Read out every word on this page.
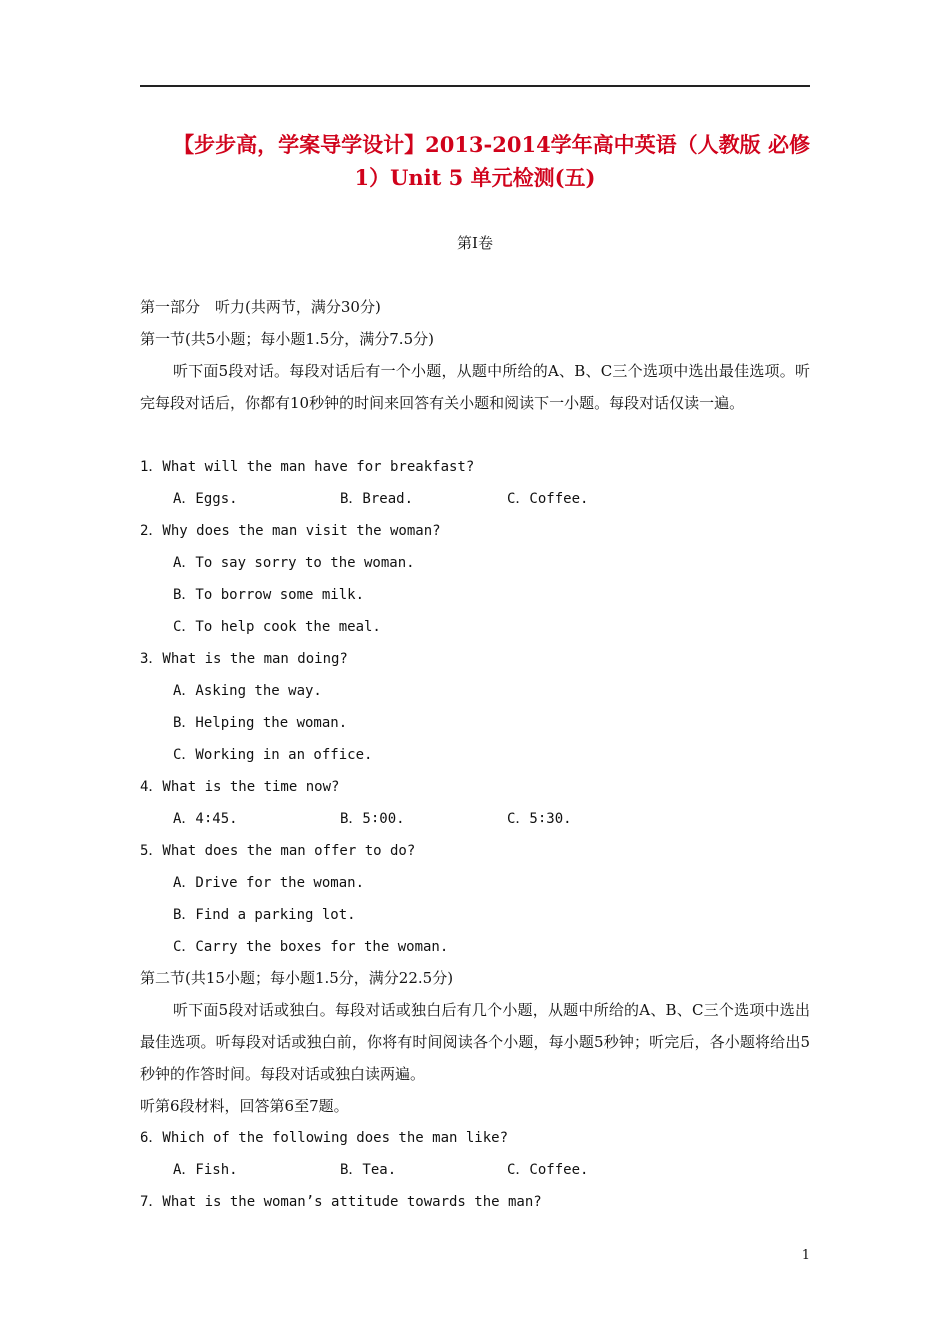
【步步高，学案导学设计】2013-2014学年高中英语（人教版 必修
1）Unit 5 单元检测(五)
第Ⅰ卷
第一部分　听力(共两节，满分30分)
第一节(共5小题；每小题1.5分，满分7.5分)
听下面5段对话。每段对话后有一个小题，从题中所给的A、B、C三个选项中选出最佳选项。听完每段对话后，你都有10秒钟的时间来回答有关小题和阅读下一小题。每段对话仅读一遍。
1．What will the man have for breakfast?
A．Eggs.	B．Bread.	C．Coffee.
2．Why does the man visit the woman?
A．To say sorry to the woman.
B．To borrow some milk.
C．To help cook the meal.
3．What is the man doing?
A．Asking the way.
B．Helping the woman.
C．Working in an office.
4．What is the time now?
A．4∶45.	B．5∶00.	C．5∶30.
5．What does the man offer to do?
A．Drive for the woman.
B．Find a parking lot.
C．Carry the boxes for the woman.
第二节(共15小题；每小题1.5分，满分22.5分)
听下面5段对话或独白。每段对话或独白后有几个小题，从题中所给的A、B、C三个选项中选出最佳选项。听每段对话或独白前，你将有时间阅读各个小题，每小题5秒钟；听完后，各小题将给出5秒钟的作答时间。每段对话或独白读两遍。
听第6段材料，回答第6至7题。
6．Which of the following does the man like?
A．Fish.	B．Tea.	C．Coffee.
7．What is the woman’s attitude towards the man?
1
